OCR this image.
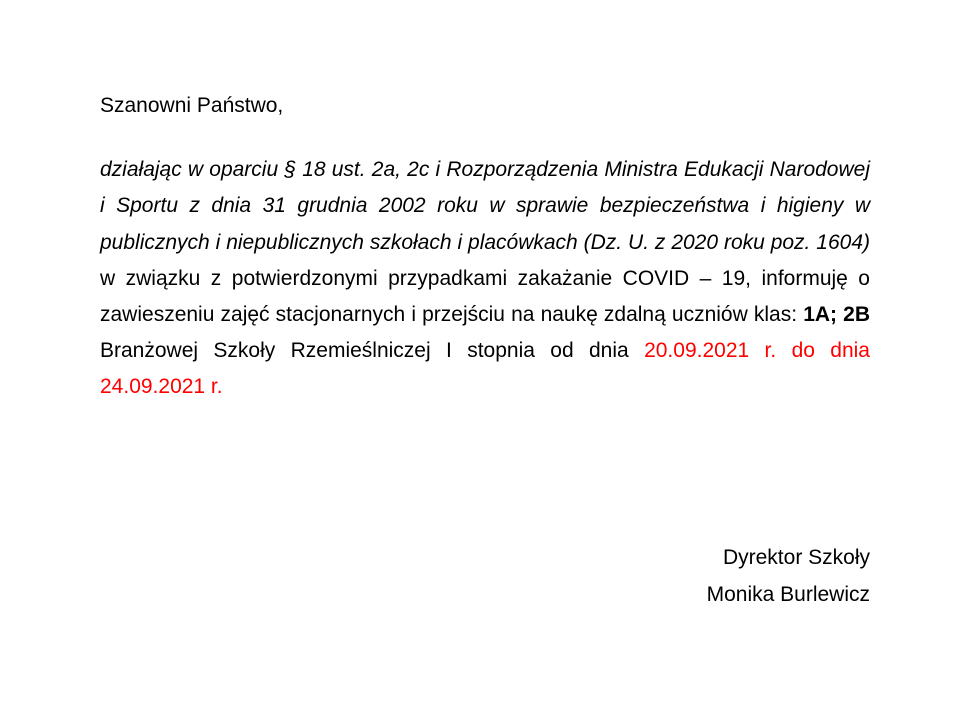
Szanowni Państwo,

działając w oparciu § 18 ust. 2a, 2c i Rozporządzenia Ministra Edukacji Narodowej i Sportu z dnia 31 grudnia 2002 roku w sprawie bezpieczeństwa i higieny w publicznych i niepublicznych szkołach i placówkach (Dz. U. z 2020 roku poz. 1604) w związku z potwierdzonymi przypadkami zakażanie COVID – 19, informuję o zawieszeniu zajęć stacjonarnych i przejściu na naukę zdalną uczniów klas: 1A; 2B Branżowej Szkoły Rzemieślniczej I stopnia od dnia 20.09.2021 r. do dnia 24.09.2021 r.

Dyrektor Szkoły
Monika Burlewicz
